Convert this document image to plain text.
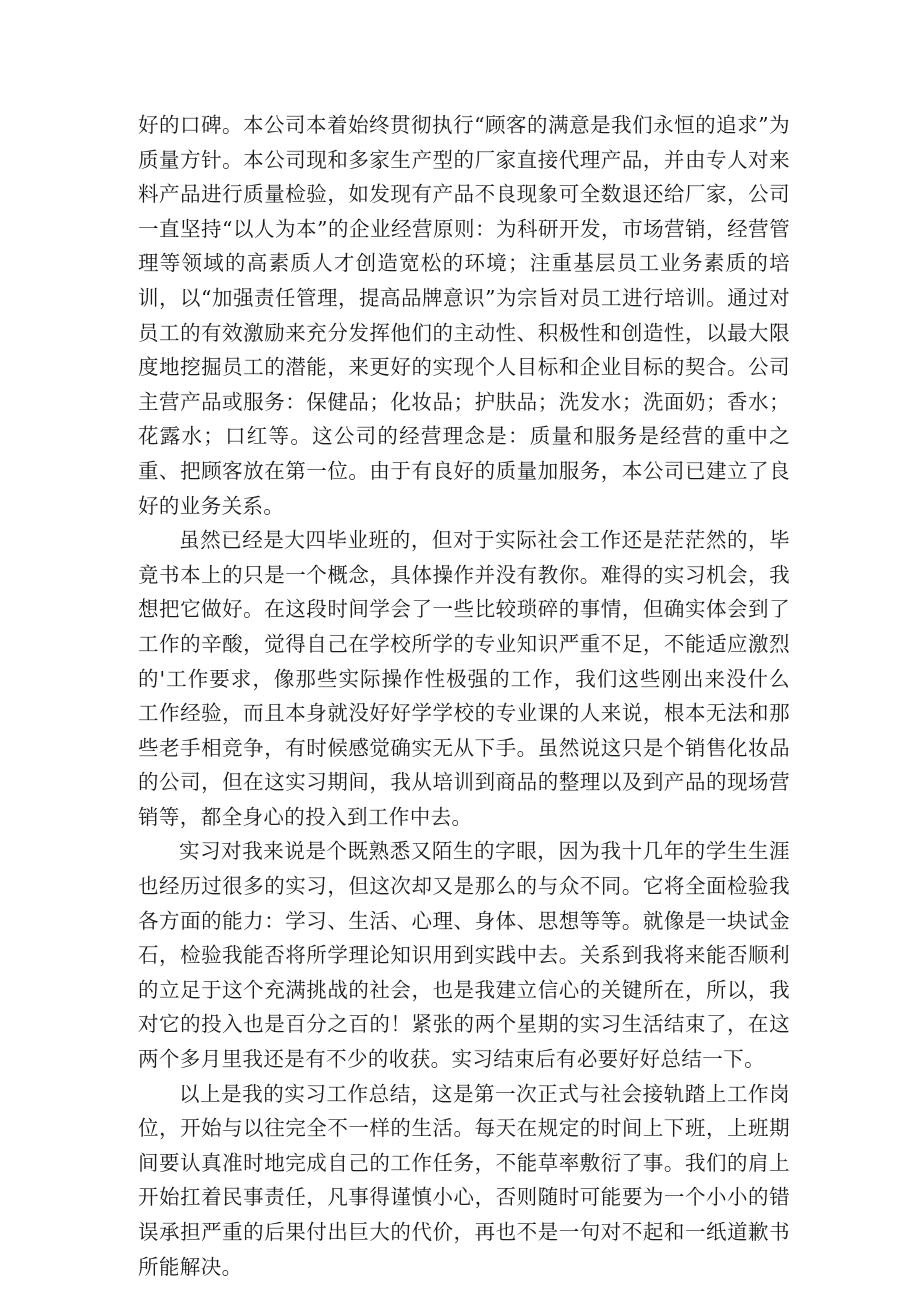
好的口碑。本公司本着始终贯彻执行“顾客的满意是我们永恒的追求”为质量方针。本公司现和多家生产型的厂家直接代理产品，并由专人对来料产品进行质量检验，如发现有产品不良现象可全数退还给厂家，公司一直坚持“以人为本”的企业经营原则：为科研开发，市场营销，经营管理等领域的高素质人才创造宽松的环境；注重基层员工业务素质的培训，以“加强责任管理，提高品牌意识”为宗旨对员工进行培训。通过对员工的有效激励来充分发挥他们的主动性、积极性和创造性，以最大限度地挖掘员工的潜能，来更好的实现个人目标和企业目标的契合。公司主营产品或服务：保健品；化妆品；护肤品；洗发水；洗面奶；香水；花露水；口红等。这公司的经营理念是：质量和服务是经营的重中之重、把顾客放在第一位。由于有良好的质量加服务，本公司已建立了良好的业务关系。

虽然已经是大四毕业班的，但对于实际社会工作还是茫茫然的，毕竟书本上的只是一个概念，具体操作并没有教你。难得的实习机会，我想把它做好。在这段时间学会了一些比较琐碎的事情，但确实体会到了工作的辛酸，觉得自己在学校所学的专业知识严重不足，不能适应激烈的'工作要求，像那些实际操作性极强的工作，我们这些刚出来没什么工作经验，而且本身就没好好学学校的专业课的人来说，根本无法和那些老手相竞争，有时候感觉确实无从下手。虽然说这只是个销售化妆品的公司，但在这实习期间，我从培训到商品的整理以及到产品的现场营销等，都全身心的投入到工作中去。

实习对我来说是个既熟悉又陌生的字眼，因为我十几年的学生生涯也经历过很多的实习，但这次却又是那么的与众不同。它将全面检验我各方面的能力：学习、生活、心理、身体、思想等等。就像是一块试金石，检验我能否将所学理论知识用到实践中去。关系到我将来能否顺利的立足于这个充满挑战的社会，也是我建立信心的关键所在，所以，我对它的投入也是百分之百的！紧张的两个星期的实习生活结束了，在这两个多月里我还是有不少的收获。实习结束后有必要好好总结一下。

以上是我的实习工作总结，这是第一次正式与社会接轨踏上工作岗位，开始与以往完全不一样的生活。每天在规定的时间上下班，上班期间要认真准时地完成自己的工作任务，不能草率敷衍了事。我们的肩上开始扛着民事责任，凡事得谨慎小心，否则随时可能要为一个小小的错误承担严重的后果付出巨大的代价，再也不是一句对不起和一纸道歉书所能解决。
